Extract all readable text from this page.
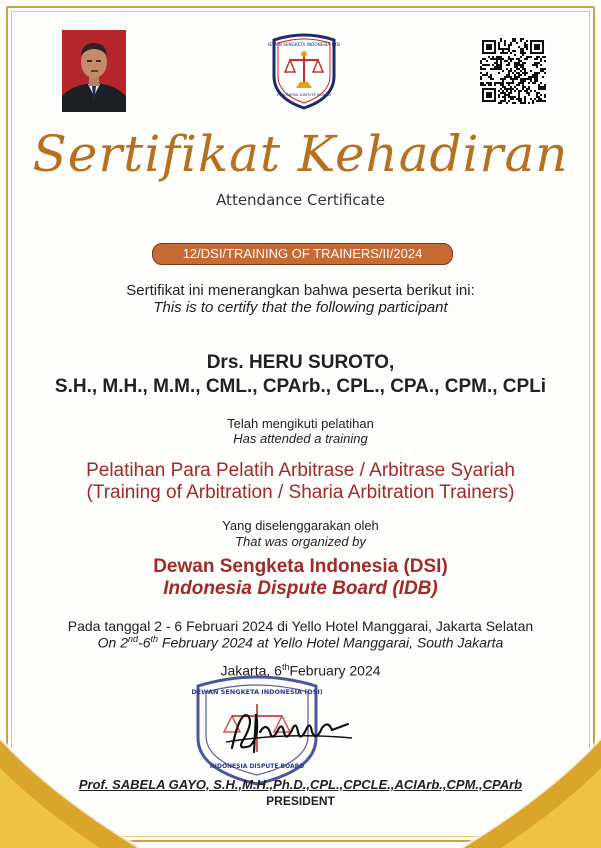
DEWAN SENGKETA INDONESIA (DSI)
INDONESIA DISPUTE BOARD
Sertifikat Kehadiran
Attendance Certificate
12/DSI/TRAINING OF TRAINERS/II/2024
Sertifikat ini menerangkan bahwa peserta berikut ini:
This is to certify that the following participant
Drs. HERU SUROTO,
S.H., M.H., M.M., CML., CPArb., CPL., CPA., CPM., CPLi
Telah mengikuti pelatihan
Has attended a training
Pelatihan Para Pelatih Arbitrase / Arbitrase Syariah
(Training of Arbitration / Sharia Arbitration Trainers)
Yang diselenggarakan oleh
That was organized by
Dewan Sengketa Indonesia (DSI)
Indonesia Dispute Board (IDB)
Pada tanggal 2 - 6 Februari 2024 di Yello Hotel Manggarai, Jakarta Selatan
On 2nd-6th February 2024 at Yello Hotel Manggarai, South Jakarta
Jakarta, 6thFebruary 2024
DEWAN SENGKETA INDONESIA (DSI)
INDONESIA DISPUTE BOARD
Prof. SABELA GAYO, S.H.,M.H.,Ph.D.,CPL.,CPCLE.,ACIArb.,CPM.,CPArb
PRESIDENT
